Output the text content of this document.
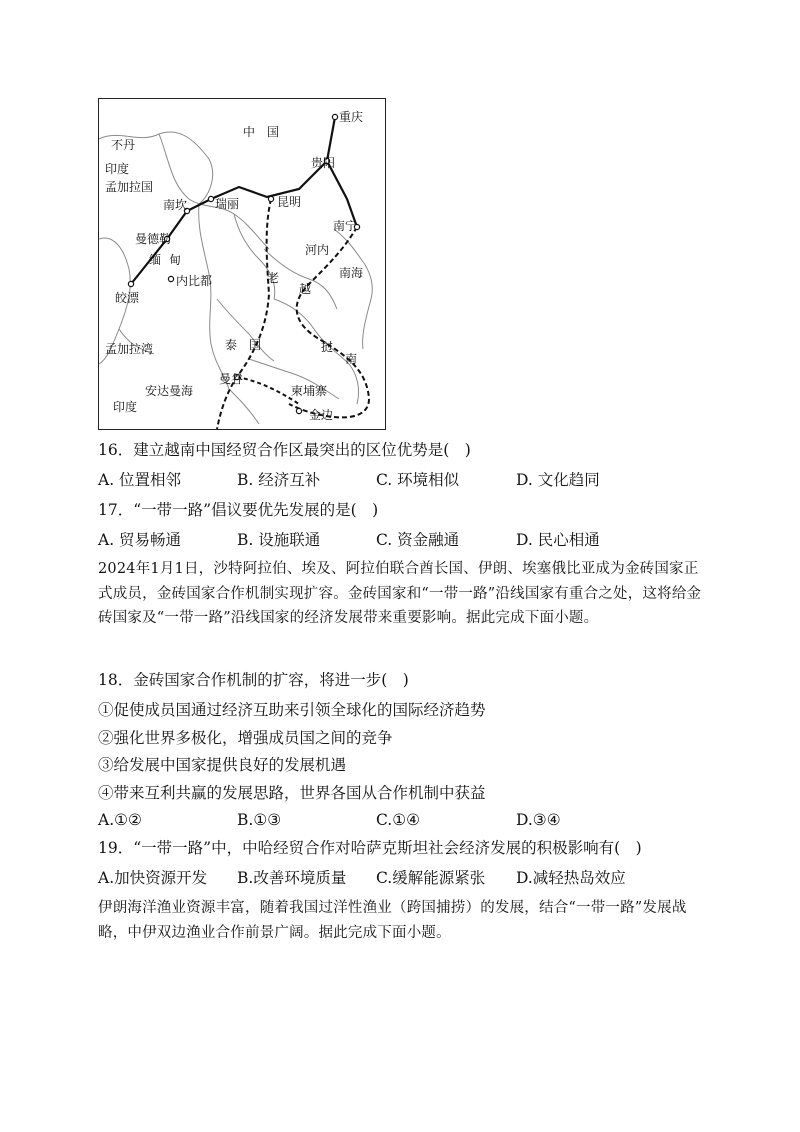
中　国
重庆
贵阳
昆明
南宁
河内
南海
不丹
印度
孟加拉国
南坎 瑞丽
曼德勒
缅 甸
内比都
皎漂
老
越
挝
南
泰　国
孟加拉湾
安达曼海
曼谷
柬埔寨
金边
印度
16．建立越南中国经贸合作区最突出的区位优势是(　)
A. 位置相邻	B. 经济互补	C. 环境相似	D. 文化趋同
17．“一带一路”倡议要优先发展的是(　)
A. 贸易畅通	B. 设施联通	C. 资金融通	D. 民心相通
2024年1月1日，沙特阿拉伯、埃及、阿拉伯联合酋长国、伊朗、埃塞俄比亚成为金砖国家正式成员，金砖国家合作机制实现扩容。金砖国家和“一带一路”沿线国家有重合之处，这将给金砖国家及“一带一路”沿线国家的经济发展带来重要影响。据此完成下面小题。
18．金砖国家合作机制的扩容，将进一步(　)
①促使成员国通过经济互助来引领全球化的国际经济趋势
②强化世界多极化，增强成员国之间的竞争
③给发展中国家提供良好的发展机遇
④带来互利共赢的发展思路，世界各国从合作机制中获益
A.①②	B.①③	C.①④	D.③④
19．“一带一路”中，中哈经贸合作对哈萨克斯坦社会经济发展的积极影响有(　)
A.加快资源开发 B.改善环境质量 C.缓解能源紧张 D.减轻热岛效应
伊朗海洋渔业资源丰富，随着我国过洋性渔业（跨国捕捞）的发展，结合“一带一路”发展战略，中伊双边渔业合作前景广阔。据此完成下面小题。
